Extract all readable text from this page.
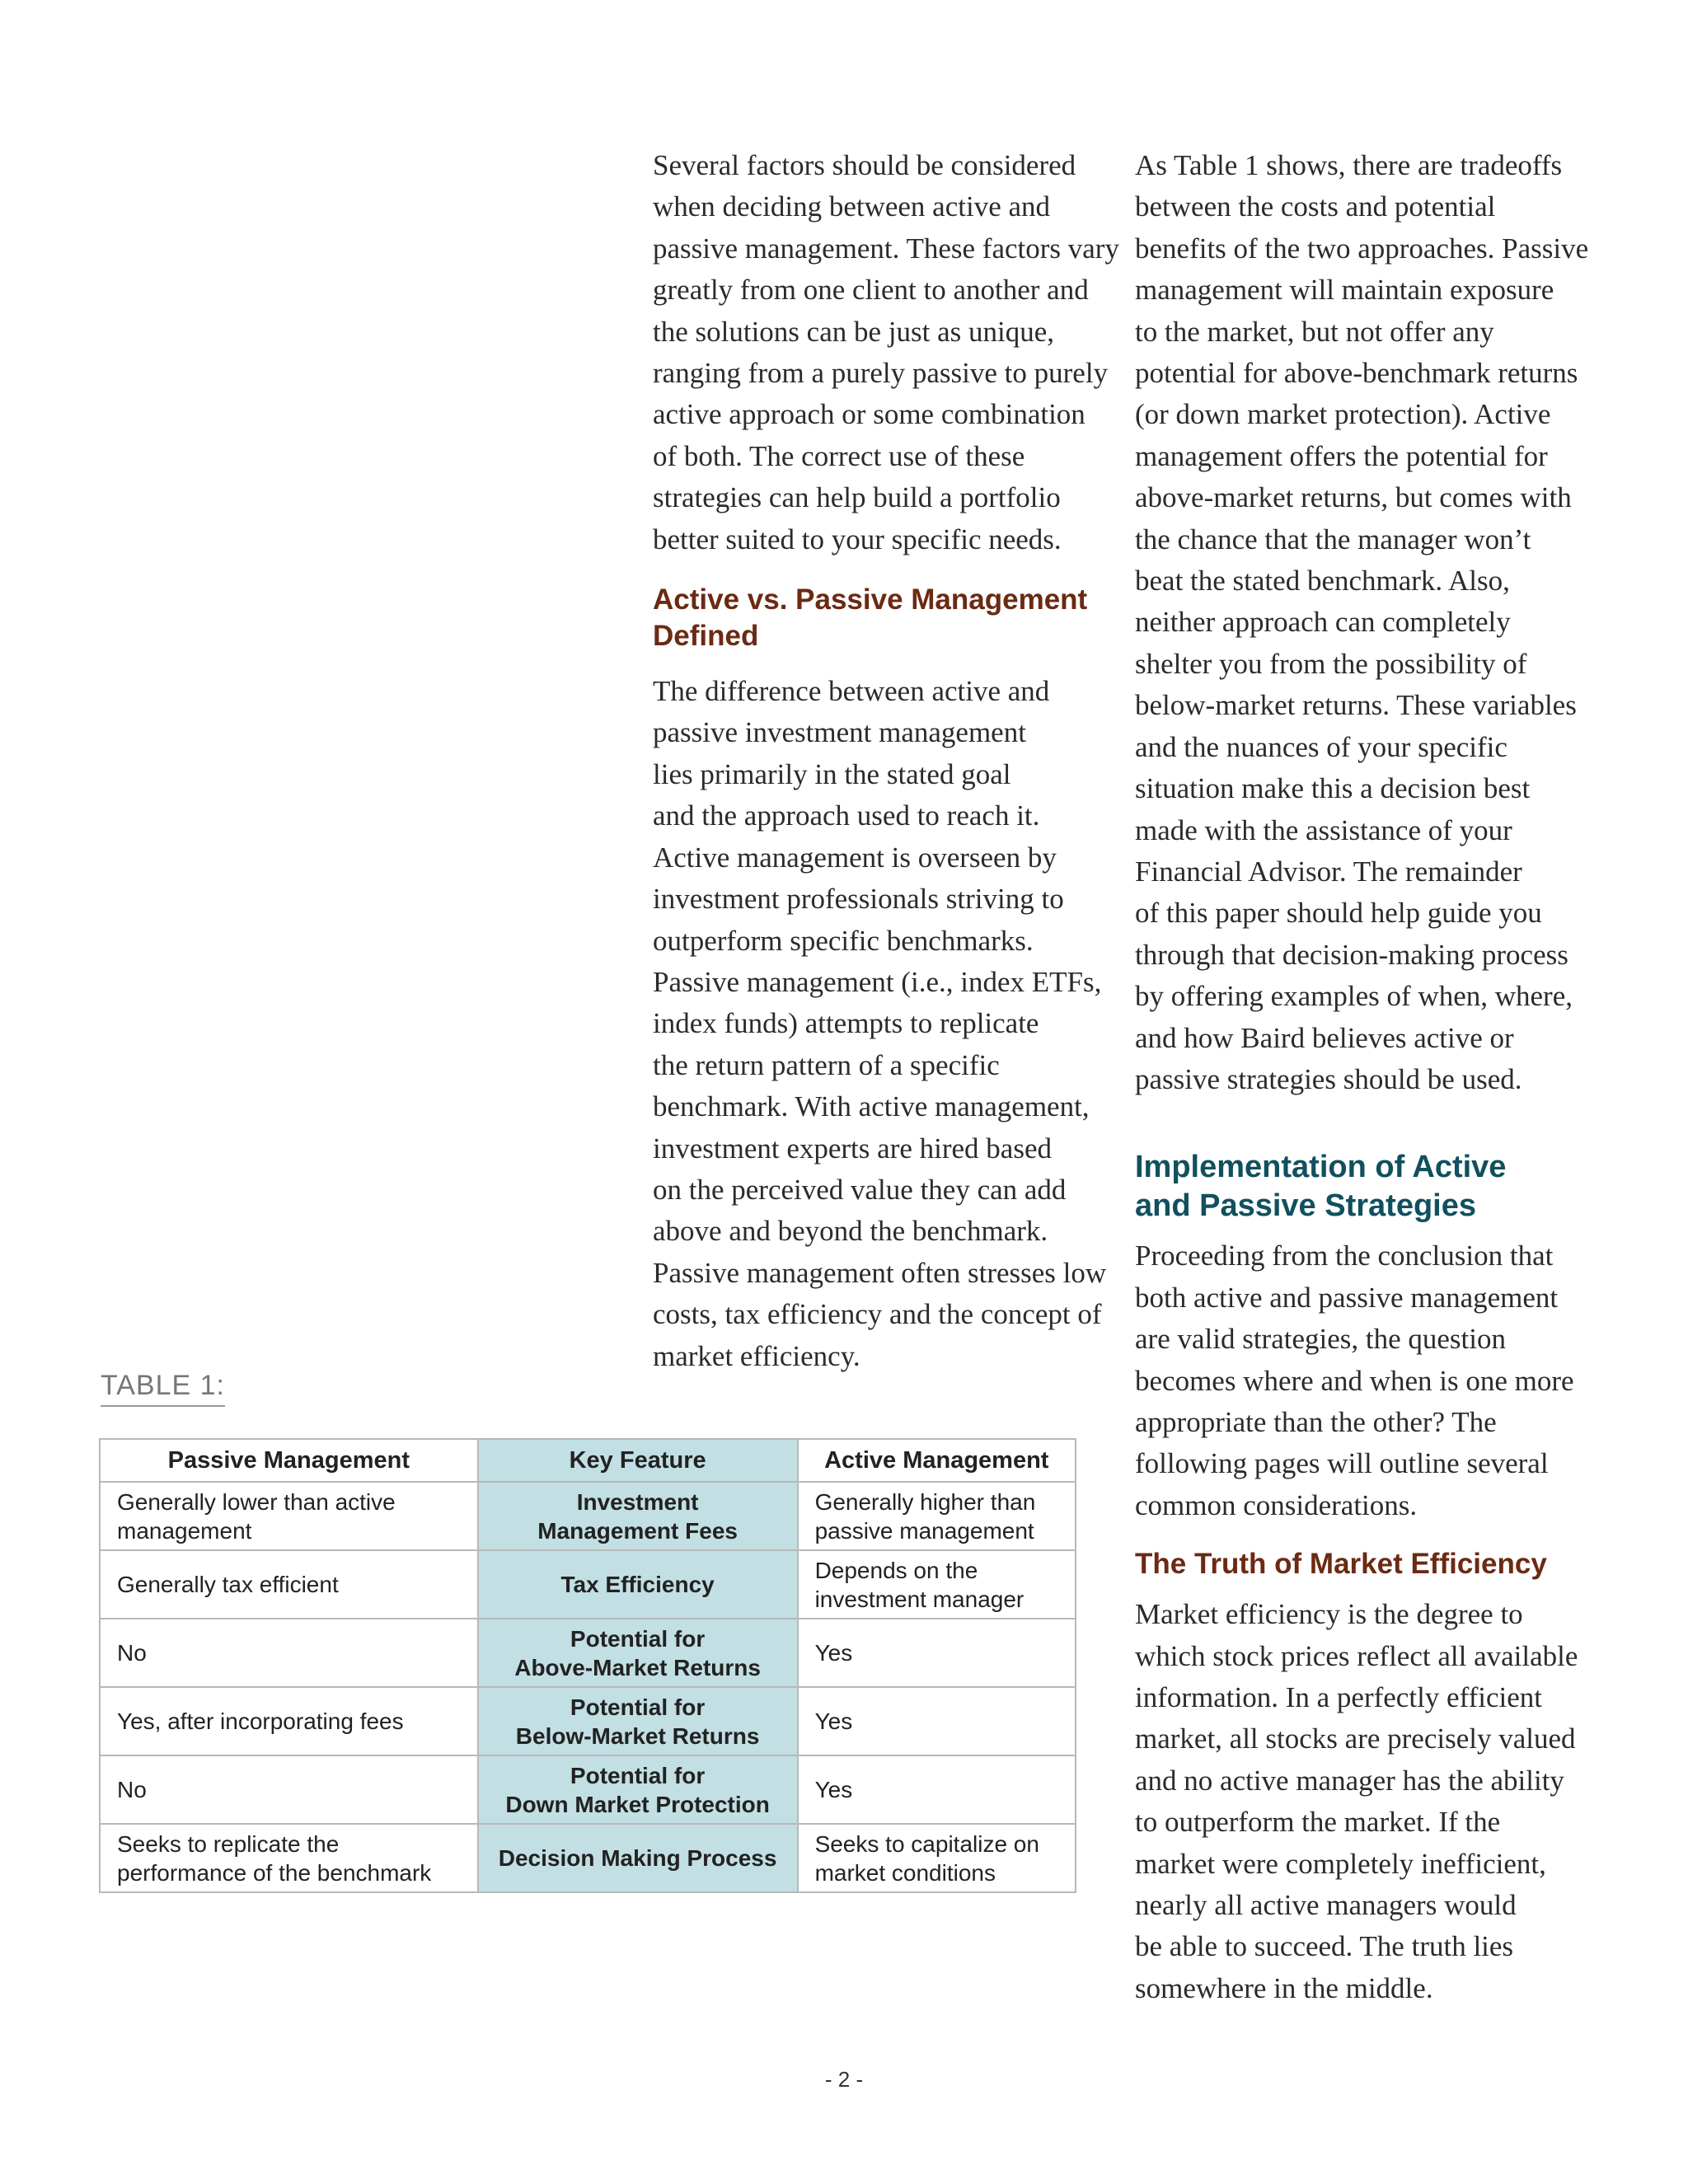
Several factors should be considered

when deciding between active and

passive management. These factors vary

greatly from one client to another and

the solutions can be just as unique,

ranging from a purely passive to purely

active approach or some combination

of both. The correct use of these

strategies can help build a portfolio

better suited to your specific needs.

Active vs. Passive Management
Defined

The difference between active and

passive investment management

lies primarily in the stated goal

and the approach used to reach it.

Active management is overseen by

investment professionals striving to

outperform specific benchmarks.

Passive management (i.e., index ETFs,

index funds) attempts to replicate

the return pattern of a specific

benchmark. With active management,

investment experts are hired based

on the perceived value they can add

above and beyond the benchmark.

Passive management often stresses low

costs, tax efficiency and the concept of

market efficiency.

As Table 1 shows, there are tradeoffs

between the costs and potential

benefits of the two approaches. Passive

management will maintain exposure

to the market, but not offer any

potential for above-benchmark returns

(or down market protection). Active

management offers the potential for

above-market returns, but comes with

the chance that the manager won’t

beat the stated benchmark. Also,

neither approach can completely

shelter you from the possibility of

below-market returns. These variables

and the nuances of your specific

situation make this a decision best

made with the assistance of your

Financial Advisor. The remainder

of this paper should help guide you

through that decision-making process

by offering examples of when, where,

and how Baird believes active or

passive strategies should be used.

Implementation of Active
and Passive Strategies

Proceeding from the conclusion that

both active and passive management

are valid strategies, the question

becomes where and when is one more

appropriate than the other? The

following pages will outline several

common considerations.

The Truth of Market Efficiency

Market efficiency is the degree to

which stock prices reflect all available

information. In a perfectly efficient

market, all stocks are precisely valued

and no active manager has the ability

to outperform the market. If the

market were completely inefficient,

nearly all active managers would

be able to succeed. The truth lies

somewhere in the middle.

TABLE 1:
Passive Management	Key Feature	Active Management

Generally lower than active
management	Investment
Management Fees	Generally higher than
passive management

Generally tax efficient	Tax Efficiency	Depends on the
investment manager

No	Potential for
Above-Market Returns	Yes

Yes, after incorporating fees	Potential for
Below-Market Returns	Yes

No	Potential for
Down Market Protection	Yes

Seeks to replicate the
performance of the benchmark	Decision Making Process	Seeks to capitalize on
market conditions
- 2 -
